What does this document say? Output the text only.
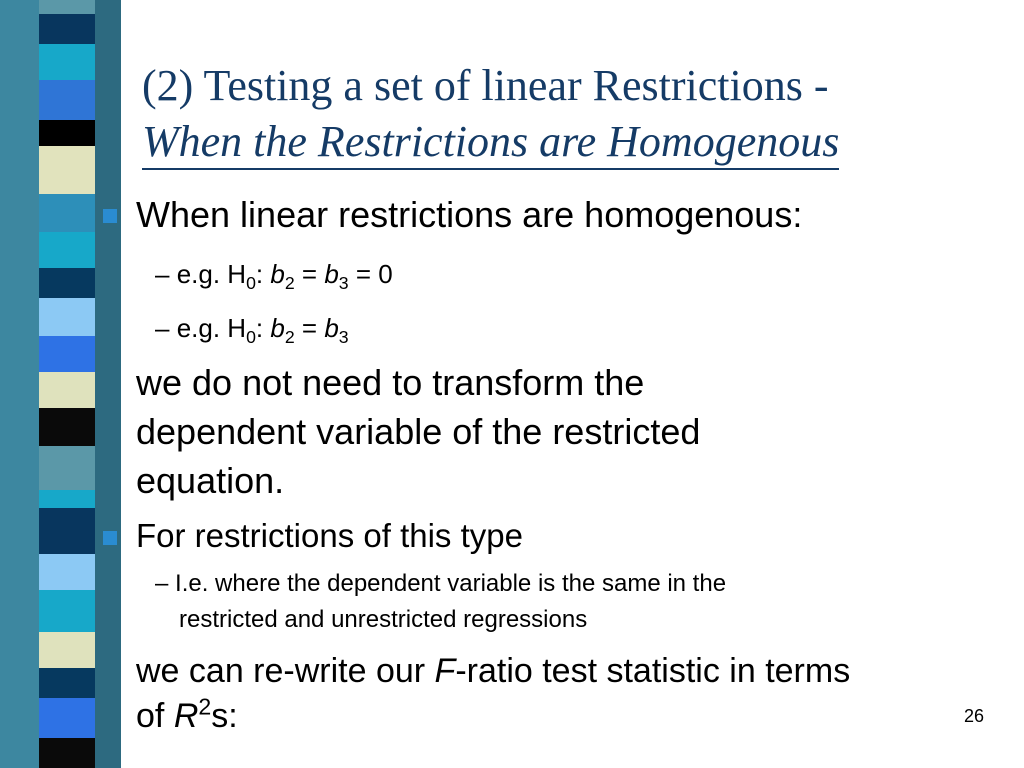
(2) Testing a set of linear Restrictions -
When the Restrictions are Homogenous
When linear restrictions are homogenous:
– e.g. $H_0$: $b_2 = b_3 = 0$
– e.g. $H_0$: $b_2 = b_3$
we do not need to transform the
dependent variable of the restricted
equation.
For restrictions of this type
– I.e. where the dependent variable is the same in the
restricted and unrestricted regressions
we can re-write our F-ratio test statistic in terms
of $R^2s$:	26
